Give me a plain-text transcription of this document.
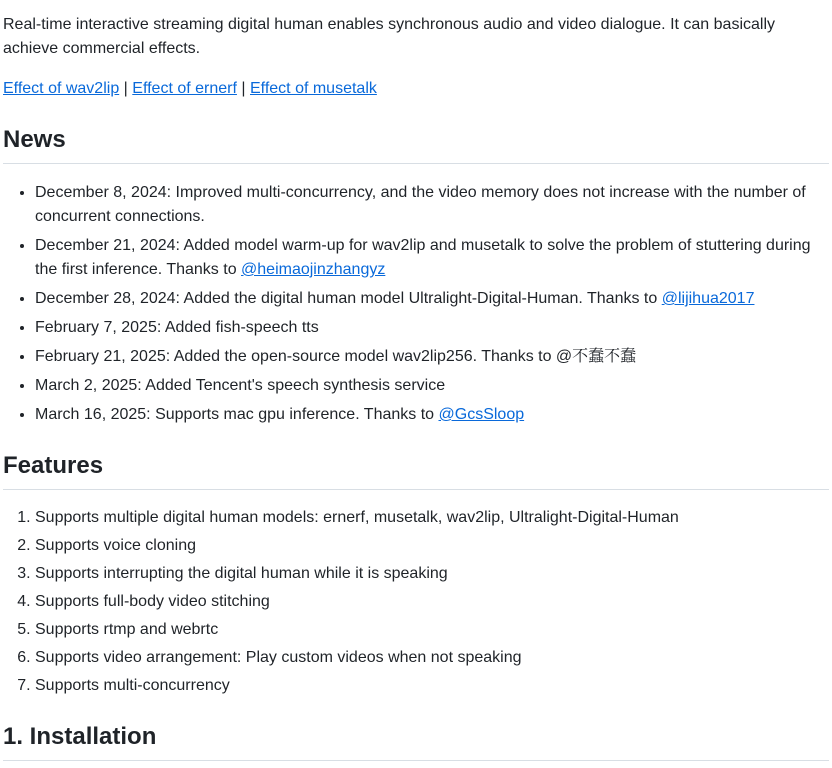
Real-time interactive streaming digital human enables synchronous audio and video dialogue. It can basically achieve commercial effects.

Effect of wav2lip | Effect of ernerf | Effect of musetalk

News
• December 8, 2024: Improved multi-concurrency, and the video memory does not increase with the number of concurrent connections.
• December 21, 2024: Added model warm-up for wav2lip and musetalk to solve the problem of stuttering during the first inference. Thanks to @heimaojinzhangyz
• December 28, 2024: Added the digital human model Ultralight-Digital-Human. Thanks to @lijihua2017
• February 7, 2025: Added fish-speech tts
• February 21, 2025: Added the open-source model wav2lip256. Thanks to @不蠢不蠢
• March 2, 2025: Added Tencent's speech synthesis service
• March 16, 2025: Supports mac gpu inference. Thanks to @GcsSloop
Features
1. Supports multiple digital human models: ernerf, musetalk, wav2lip, Ultralight-Digital-Human
2. Supports voice cloning
3. Supports interrupting the digital human while it is speaking
4. Supports full-body video stitching
5. Supports rtmp and webrtc
6. Supports video arrangement: Play custom videos when not speaking
7. Supports multi-concurrency
1. Installation
